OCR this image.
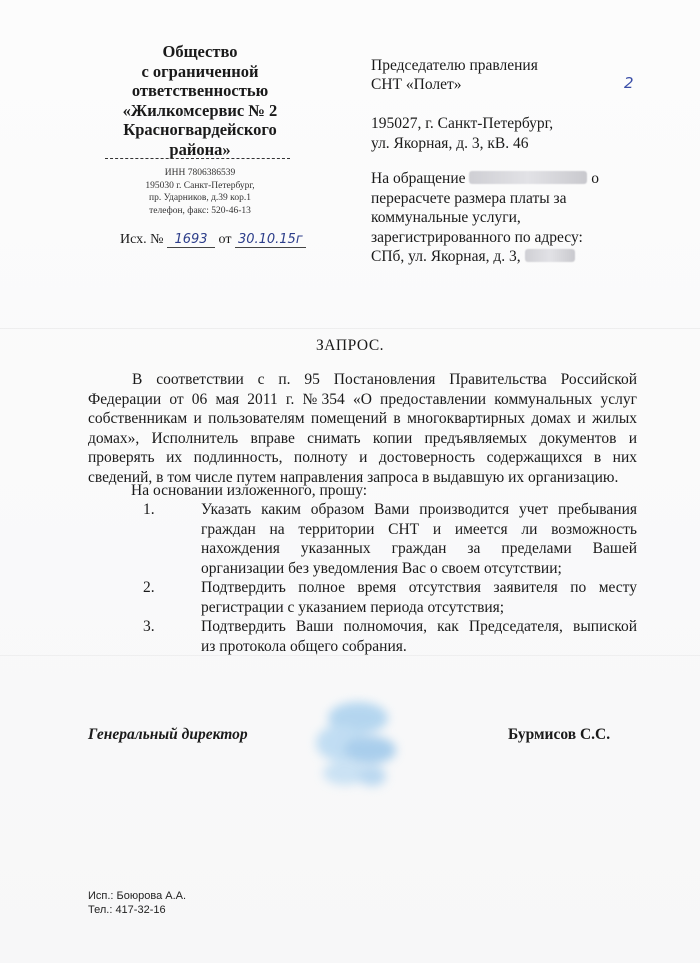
Общество
с ограниченной
ответственностью
«Жилкомсервис № 2
Красногвардейского
района»
ИНН 7806386539
195030 г. Санкт-Петербург,
пр. Ударников, д.39 кор.1
телефон, факс: 520-46-13
Исх. № 1693 от 30.10.15г
Председателю правления
СНТ «Полет»	2
195027, г. Санкт-Петербург,
ул. Якорная, д. 3, кВ. 46
На обращение	о
перерасчете размера платы за
коммунальные услуги,
зарегистрированного по адресу:
СПб, ул. Якорная, д. 3,
ЗАПРОС.
В соответствии с п. 95 Постановления Правительства Российской
Федерации от 06 мая 2011 г. №354 «О предоставлении коммунальных услуг
собственникам и пользователям помещений в многоквартирных домах и жилых
домах», Исполнитель вправе снимать копии предъявляемых документов и
проверять их подлинность, полноту и достоверность содержащихся в них
сведений, в том числе путем направления запроса в выдавшую их организацию.
На основании изложенного, прошу:
1.	Указать каким образом Вами производится учет пребывания
граждан на территории СНТ и имеется ли возможность
нахождения указанных граждан за пределами Вашей
организации без уведомления Вас о своем отсутствии;
2.	Подтвердить полное время отсутствия заявителя по месту
регистрации с указанием периода отсутствия;
3.	Подтвердить Ваши полномочия, как Председателя, выпиской
из протокола общего собрания.
Генеральный директор	Бурмисов С.С.
Исп.: Боюрова А.А.
Тел.: 417-32-16
